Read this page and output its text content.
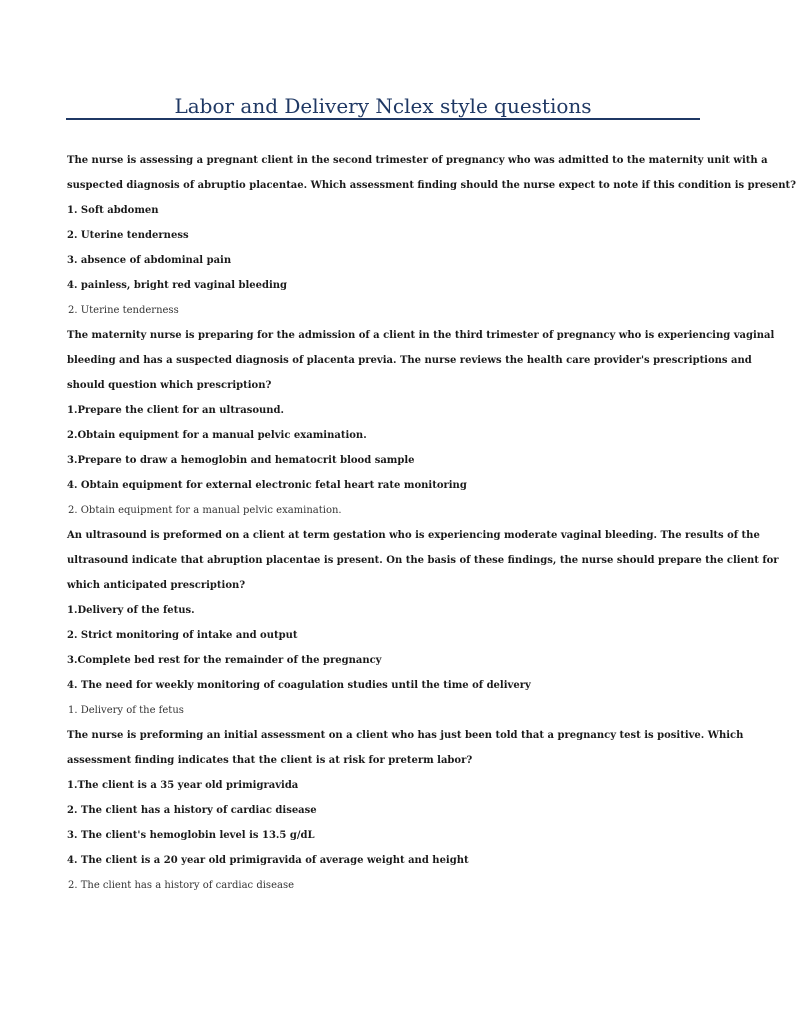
Labor and Delivery Nclex style questions
The nurse is assessing a pregnant client in the second trimester of pregnancy who was admitted to the maternity unit with a
suspected diagnosis of abruptio placentae. Which assessment finding should the nurse expect to note if this condition is present?
1. Soft abdomen
2. Uterine tenderness
3. absence of abdominal pain
4. painless, bright red vaginal bleeding
2. Uterine tenderness
The maternity nurse is preparing for the admission of a client in the third trimester of pregnancy who is experiencing vaginal
bleeding and has a suspected diagnosis of placenta previa. The nurse reviews the health care provider's prescriptions and
should question which prescription?
1.Prepare the client for an ultrasound.
2.Obtain equipment for a manual pelvic examination.
3.Prepare to draw a hemoglobin and hematocrit blood sample
4. Obtain equipment for external electronic fetal heart rate monitoring
2. Obtain equipment for a manual pelvic examination.
An ultrasound is preformed on a client at term gestation who is experiencing moderate vaginal bleeding. The results of the
ultrasound indicate that abruption placentae is present. On the basis of these findings, the nurse should prepare the client for
which anticipated prescription?
1.Delivery of the fetus.
2. Strict monitoring of intake and output
3.Complete bed rest for the remainder of the pregnancy
4. The need for weekly monitoring of coagulation studies until the time of delivery
1. Delivery of the fetus
The nurse is preforming an initial assessment on a client who has just been told that a pregnancy test is positive. Which
assessment finding indicates that the client is at risk for preterm labor?
1.The client is a 35 year old primigravida
2. The client has a history of cardiac disease
3. The client's hemoglobin level is 13.5 g/dL
4. The client is a 20 year old primigravida of average weight and height
2. The client has a history of cardiac disease
